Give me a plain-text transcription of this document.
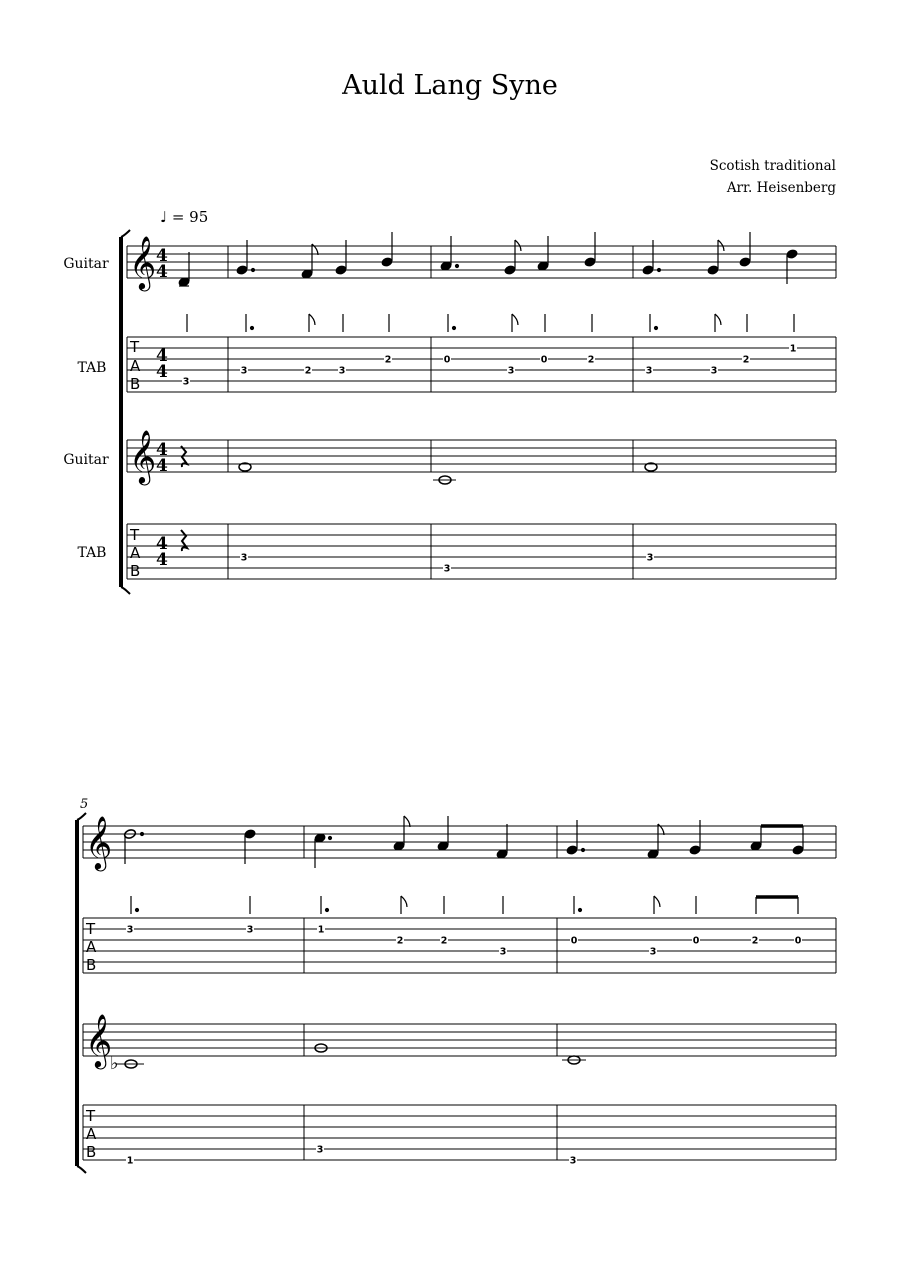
Auld Lang Syne
Scotish traditional
Arr. Heisenberg
♩ = 95
Guitar
TAB
Guitar
TAB
𝄞 4
4
T
A
B
4
4 3
3	2	3
2	0
3
0	2
3	3
2
1
𝄞 4
4
T
A
B
4
4	3
3
3
5
𝄞
T
A
B
3	3	1
2	2
3
0
3
0	2	0
𝄞
♭
T
A
B	1
3
3
